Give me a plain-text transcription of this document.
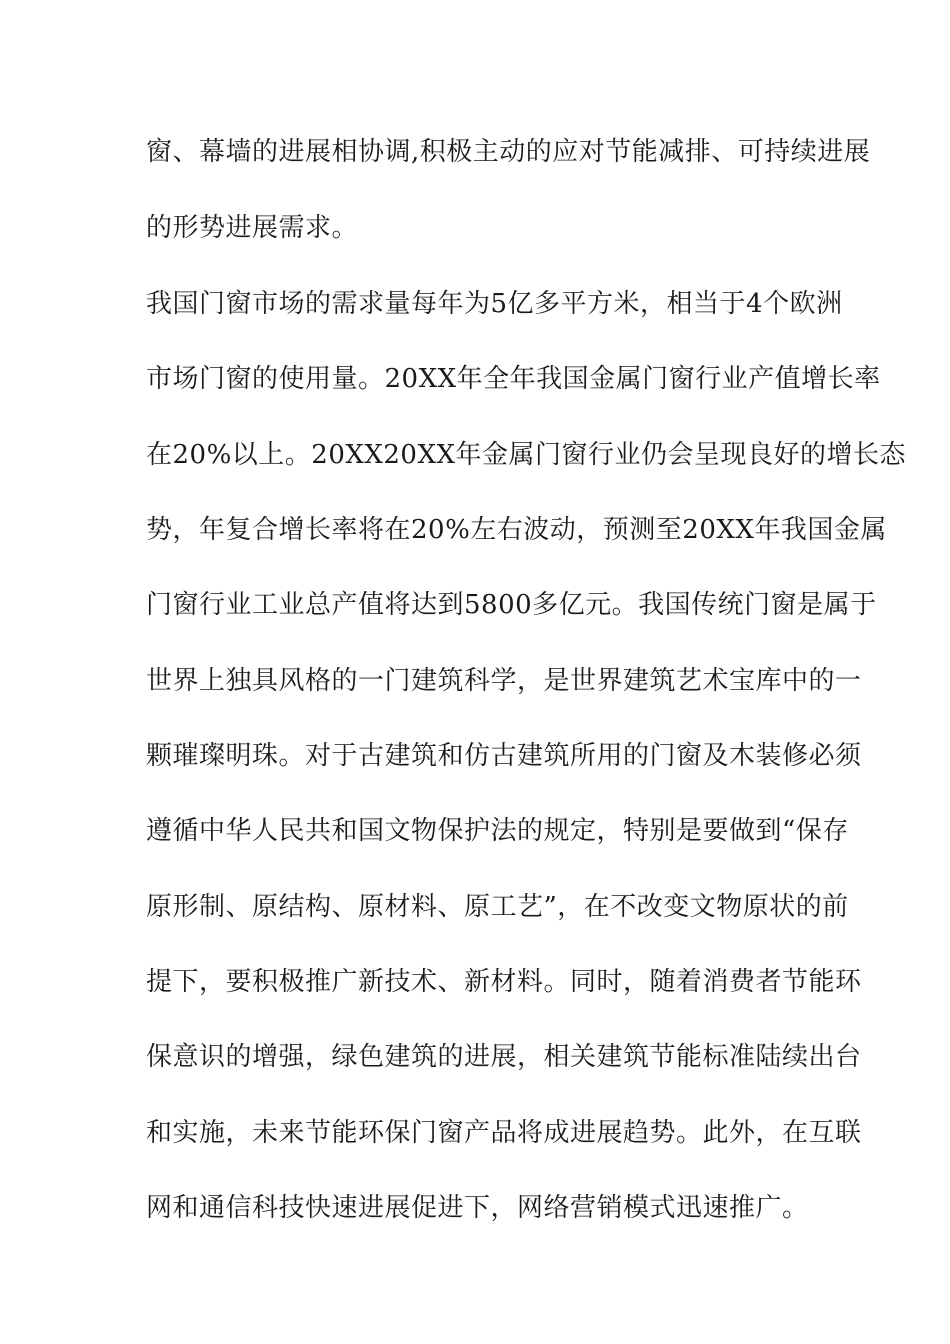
窗、幕墙的进展相协调,积极主动的应对节能减排、可持续进展
的形势进展需求。
我国门窗市场的需求量每年为5亿多平方米，相当于4个欧洲
市场门窗的使用量。20XX年全年我国金属门窗行业产值增长率
在20%以上。20XX20XX年金属门窗行业仍会呈现良好的增长态
势，年复合增长率将在20%左右波动，预测至20XX年我国金属
门窗行业工业总产值将达到5800多亿元。我国传统门窗是属于
世界上独具风格的一门建筑科学，是世界建筑艺术宝库中的一
颗璀璨明珠。对于古建筑和仿古建筑所用的门窗及木装修必须
遵循中华人民共和国文物保护法的规定，特别是要做到“保存
原形制、原结构、原材料、原工艺”，在不改变文物原状的前
提下，要积极推广新技术、新材料。同时，随着消费者节能环
保意识的增强，绿色建筑的进展，相关建筑节能标准陆续出台
和实施，未来节能环保门窗产品将成进展趋势。此外，在互联
网和通信科技快速进展促进下，网络营销模式迅速推广。
